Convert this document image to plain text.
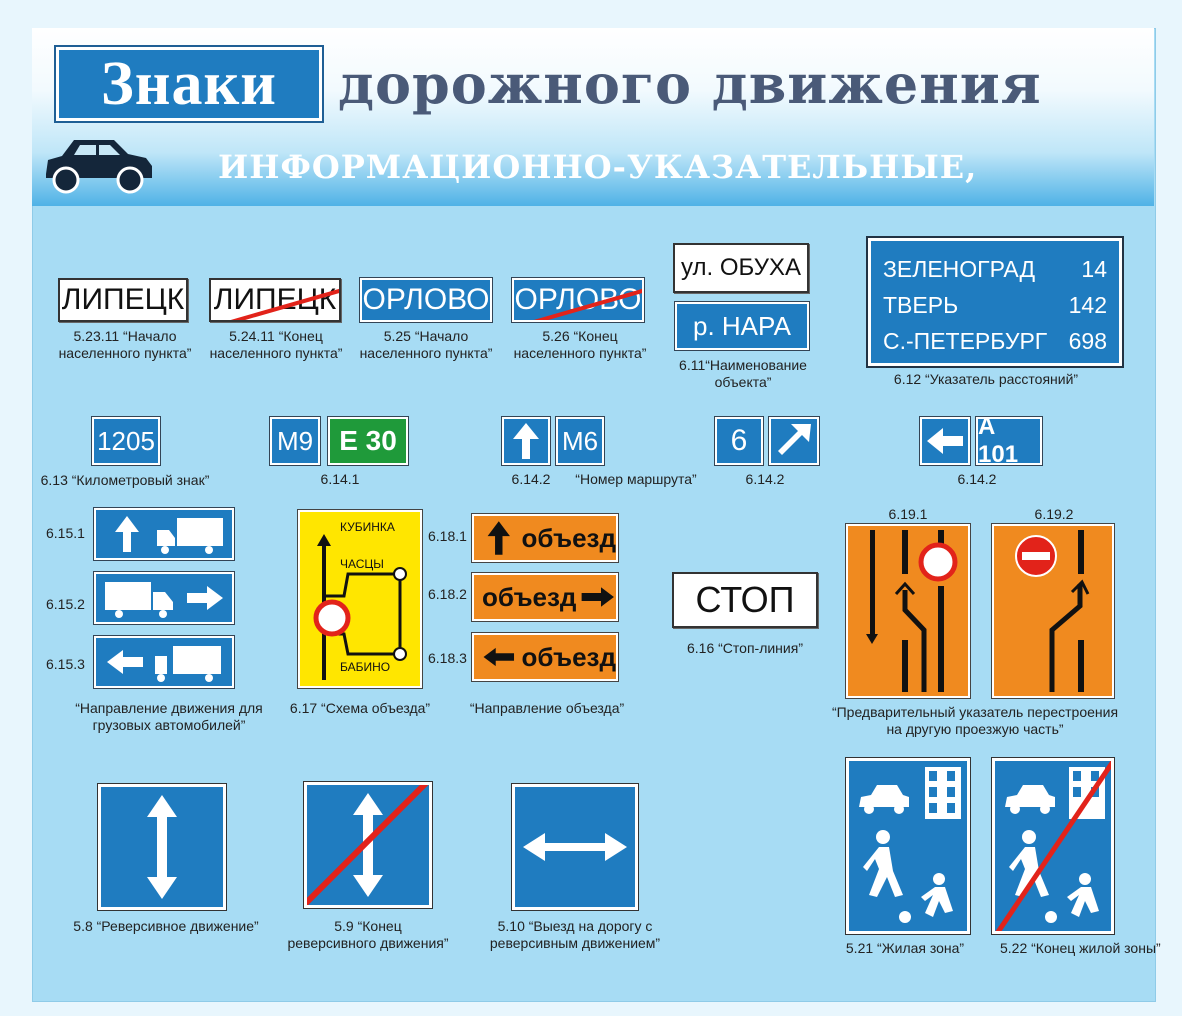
Знаки дорожного движения
ИНФОРМАЦИОННО-УКАЗАТЕЛЬНЫЕ,
ЛИПЕЦК
5.23.11 “Начало
населенного пункта”
ЛИПЕЦК
5.24.11 “Конец
населенного пункта”
ОРЛОВО
5.25 “Начало
населенного пункта”
ОРЛОВО
5.26 “Конец
населенного пункта”
ул. ОБУХА
р. НАРА
6.11“Наименование
объекта”
ЗЕЛЕНОГРАД 14
ТВЕРЬ	142
С.-ПЕТЕРБУРГ 698
6.12 “Указатель расстояний”
1205
6.13 “Километровый знак”
М9 Е 30
6.14.1
М6
6.14.2	“Номер маршрута”
6
6.14.2
А 101
6.14.2
6.15.1
6.15.2
6.15.3
“Направление движения для
грузовых автомобилей”
КУБИНКА
ЧАСЦЫ
БАБИНО
6.17 “Схема объезда”
6.18.1 объезд
6.18.2 объезд
6.18.3 объезд
“Направление объезда”
СТОП
6.16 “Стоп-линия”
6.19.1	6.19.2
“Предварительный указатель перестроения
на другую проезжую часть”
5.8 “Реверсивное движение”	5.9 “Конец
реверсивного движения”
5.10 “Выезд на дорогу с
реверсивным движением”	5.21 “Жилая зона”	5.22 “Конец жилой зоны”
